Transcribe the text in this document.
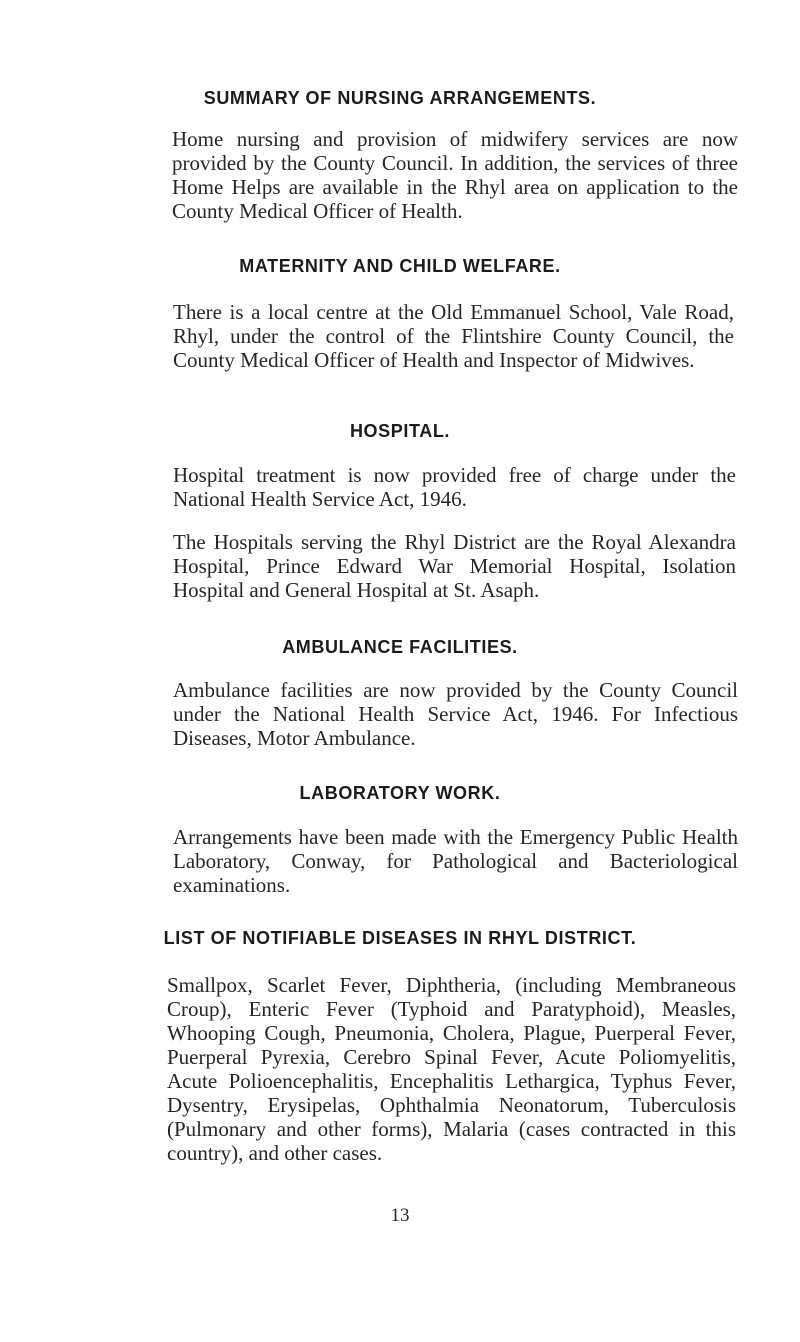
SUMMARY OF NURSING ARRANGEMENTS.

Home nursing and provision of midwifery services are now provided by the County Council. In addition, the services of three Home Helps are available in the Rhyl area on application to the County Medical Officer of Health.

MATERNITY AND CHILD WELFARE.

There is a local centre at the Old Emmanuel School, Vale Road, Rhyl, under the control of the Flintshire County Council, the County Medical Officer of Health and Inspector of Midwives.

HOSPITAL.

Hospital treatment is now provided free of charge under the National Health Service Act, 1946.

The Hospitals serving the Rhyl District are the Royal Alexandra Hospital, Prince Edward War Memorial Hospital, Isolation Hospital and General Hospital at St. Asaph.

AMBULANCE FACILITIES.

Ambulance facilities are now provided by the County Council under the National Health Service Act, 1946. For Infectious Diseases, Motor Ambulance.

LABORATORY WORK.

Arrangements have been made with the Emergency Public Health Laboratory, Conway, for Pathological and Bacteriological examinations.

LIST OF NOTIFIABLE DISEASES IN RHYL DISTRICT.

Smallpox, Scarlet Fever, Diphtheria, (including Membraneous Croup), Enteric Fever (Typhoid and Paratyphoid), Measles, Whooping Cough, Pneumonia, Cholera, Plague, Puerperal Fever, Puerperal Pyrexia, Cerebro Spinal Fever, Acute Poliomyelitis, Acute Polioencephalitis, Encephalitis Lethargica, Typhus Fever, Dysentry, Erysipelas, Ophthalmia Neonatorum, Tuberculosis (Pulmonary and other forms), Malaria (cases contracted in this country), and other cases.

13
